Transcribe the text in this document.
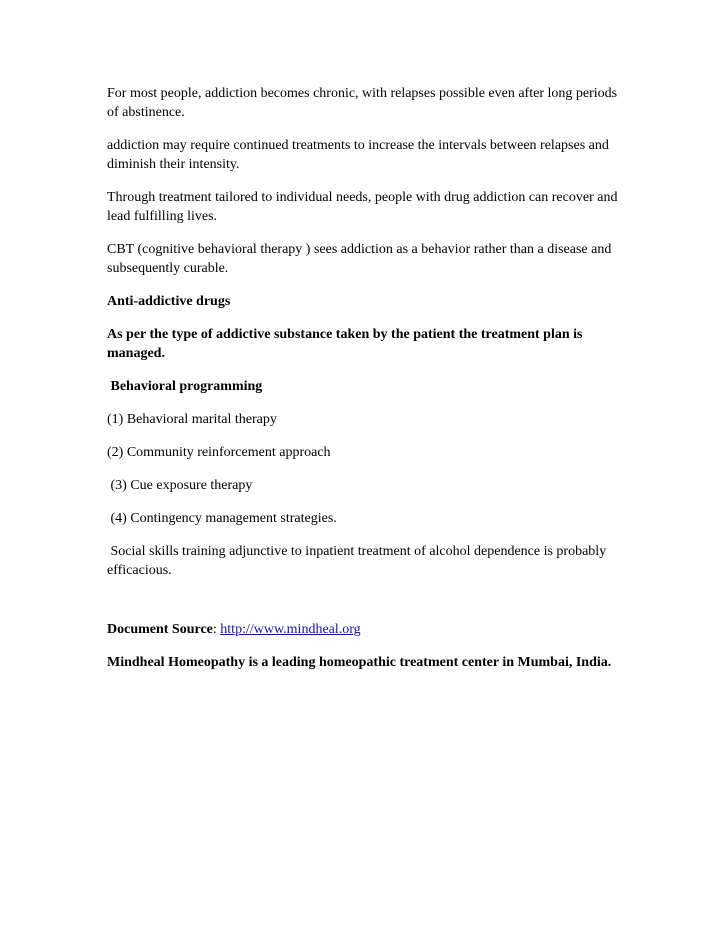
For most people, addiction becomes chronic, with relapses possible even after long periods of abstinence.

addiction may require continued treatments to increase the intervals between relapses and diminish their intensity.

Through treatment tailored to individual needs, people with drug addiction can recover and lead fulfilling lives.

CBT (cognitive behavioral therapy ) sees addiction as a behavior rather than a disease and subsequently curable.

Anti-addictive drugs

As per the type of addictive substance taken by the patient the treatment plan is managed.

Behavioral programming

(1) Behavioral marital therapy

(2) Community reinforcement approach

(3) Cue exposure therapy

(4) Contingency management strategies.

Social skills training adjunctive to inpatient treatment of alcohol dependence is probably efficacious.

Document Source: http://www.mindheal.org

Mindheal Homeopathy is a leading homeopathic treatment center in Mumbai, India.
